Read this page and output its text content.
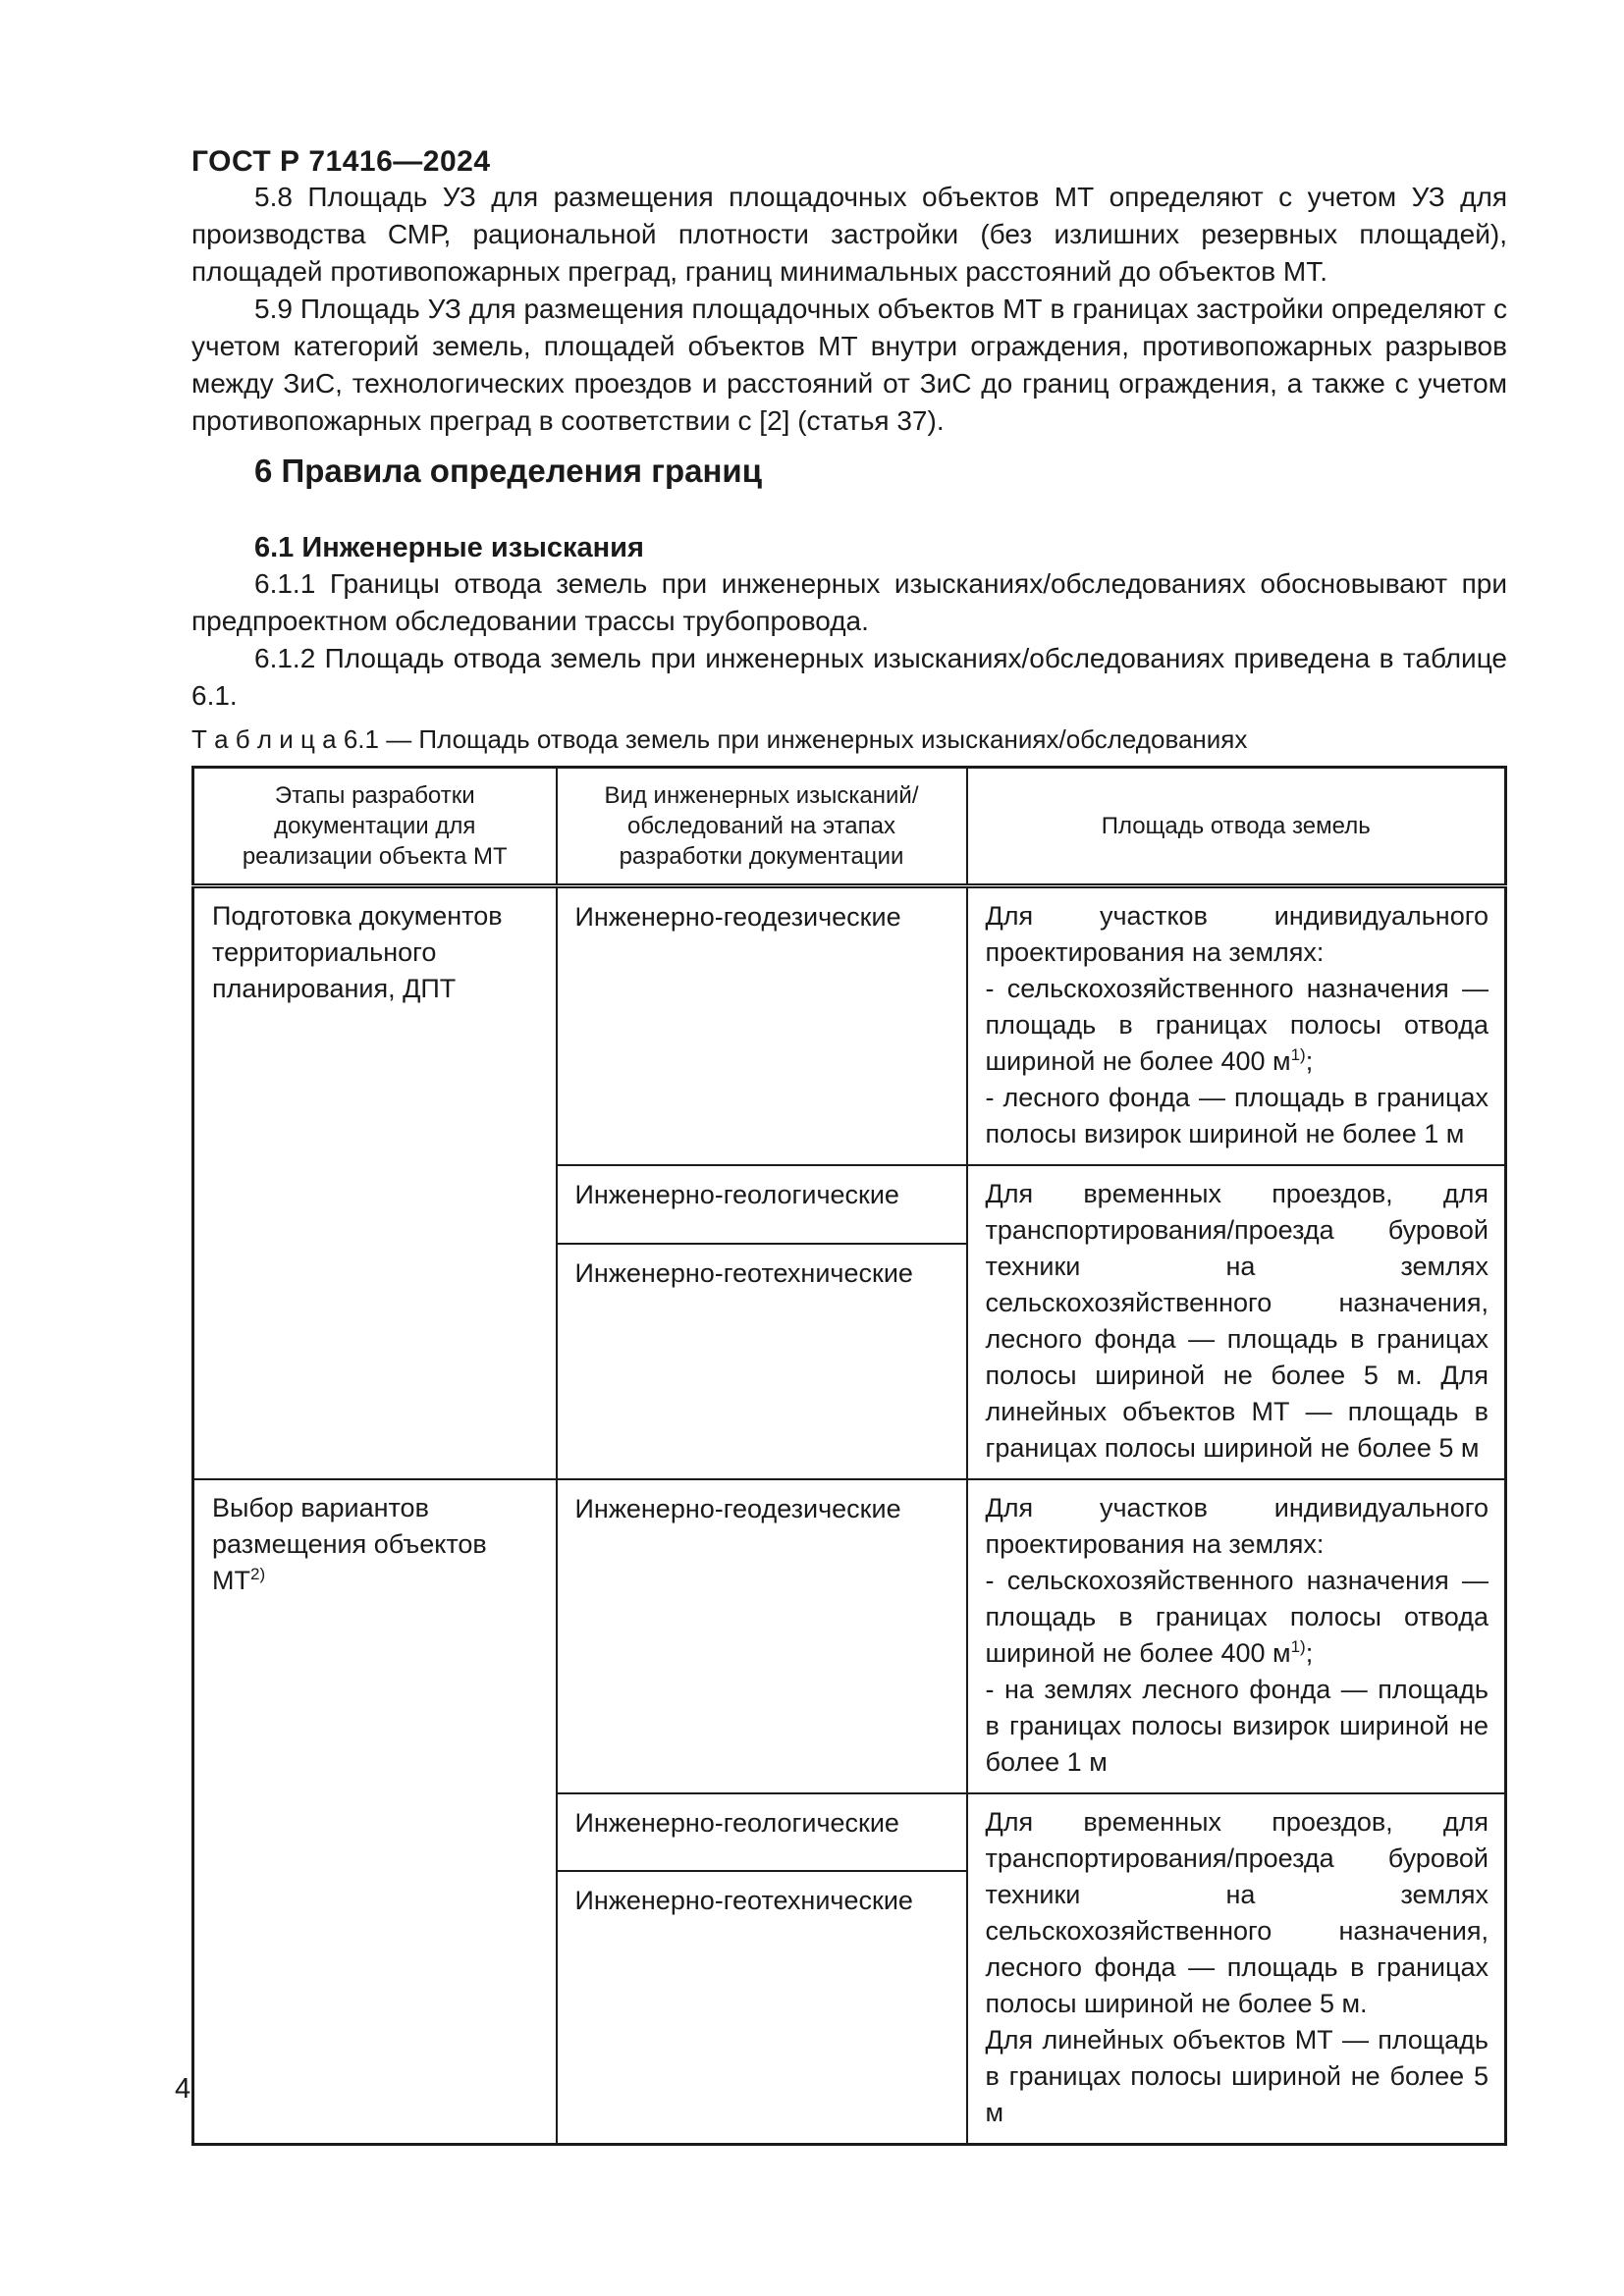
ГОСТ Р 71416—2024

5.8 Площадь УЗ для размещения площадочных объектов МТ определяют с учетом УЗ для производства СМР, рациональной плотности застройки (без излишних резервных площадей), площадей противопожарных преград, границ минимальных расстояний до объектов МТ.

5.9 Площадь УЗ для размещения площадочных объектов МТ в границах застройки определяют с учетом категорий земель, площадей объектов МТ внутри ограждения, противопожарных разрывов между ЗиС, технологических проездов и расстояний от ЗиС до границ ограждения, а также с учетом противопожарных преград в соответствии с [2] (статья 37).

6 Правила определения границ
6.1 Инженерные изыскания

6.1.1 Границы отвода земель при инженерных изысканиях/обследованиях обосновывают при предпроектном обследовании трассы трубопровода.

6.1.2 Площадь отвода земель при инженерных изысканиях/обследованиях приведена в таблице 6.1.

Т а б л и ц а 6.1 — Площадь отвода земель при инженерных изысканиях/обследованиях
Этапы разработки документации для реализации объекта МТ	Вид инженерных изысканий/обследований на этапах разработки документации	Площадь отвода земель

Подготовка документов
территориального
планирования, ДПТ
	Инженерно-геодезические	Для участков индивидуального проектирования на землях:
- сельскохозяйственного назначения — площадь в границах полосы отвода шириной не более 400 $м^{1)}$;
- лесного фонда — площадь в границах полосы визирок шириной не более 1 м

	Инженерно-геологические	Для временных проездов, для транспортирования/проезда буровой техники на землях сельскохозяйственного назначения, лесного фонда — площадь в границах полосы шириной не более 5 м. Для линейных объектов МТ — площадь в границах полосы шириной не более 5 м

	Инженерно-геотехнические	

Выбор вариантов
размещения объектов МТ$^{2)}$
	Инженерно-геодезические	Для участков индивидуального проектирования на землях:
- сельскохозяйственного назначения — площадь в границах полосы отвода шириной не более 400 $м^{1)}$;
- на землях лесного фонда — площадь в границах полосы визирок шириной не более 1 м

	Инженерно-геологические	Для временных проездов, для транспортирования/проезда буровой техники на землях сельскохозяйственного назначения, лесного фонда — площадь в границах полосы шириной не более 5 м.
Для линейных объектов МТ — площадь в границах полосы шириной не более 5 м

	Инженерно-геотехнические	
4
